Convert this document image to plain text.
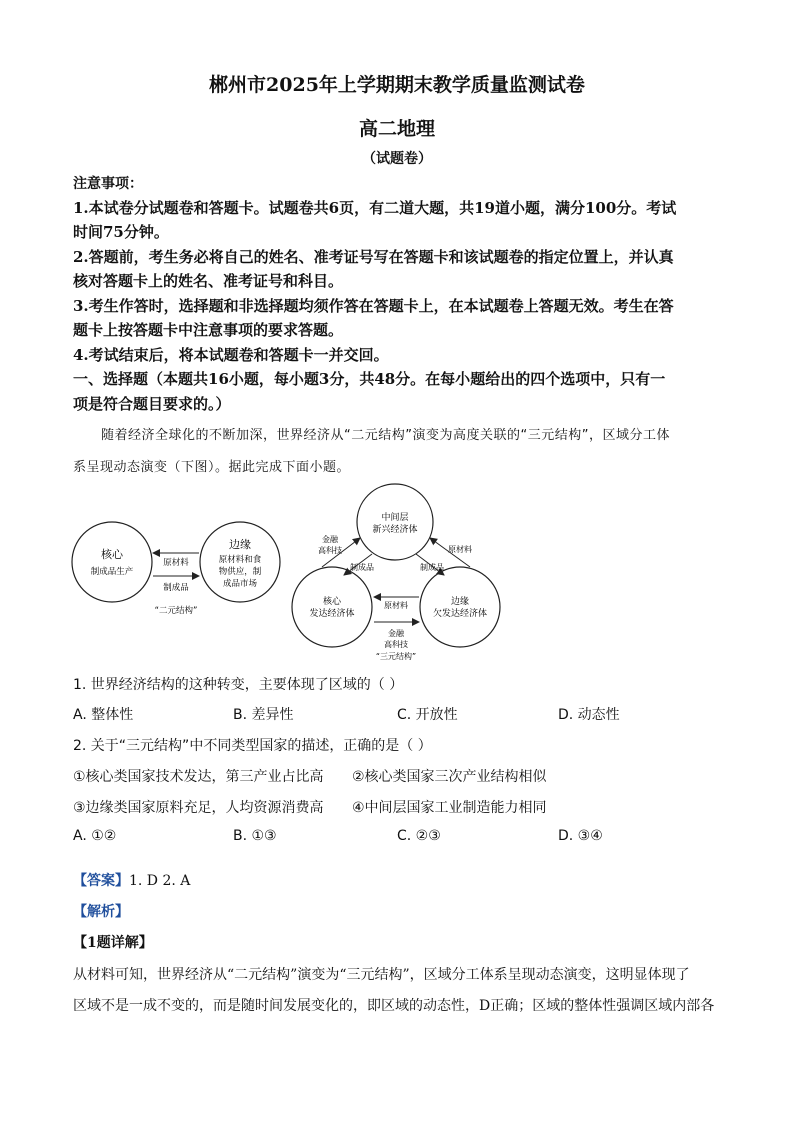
郴州市2025年上学期期末教学质量监测试卷
高二地理
（试题卷）
注意事项：
1.本试卷分试题卷和答题卡。试题卷共6页，有二道大题，共19道小题，满分100分。考试
时间75分钟。
2.答题前，考生务必将自己的姓名、准考证号写在答题卡和该试题卷的指定位置上，并认真
核对答题卡上的姓名、准考证号和科目。
3.考生作答时，选择题和非选择题均须作答在答题卡上，在本试题卷上答题无效。考生在答
题卡上按答题卡中注意事项的要求答题。
4.考试结束后，将本试题卷和答题卡一并交回。
一、选择题（本题共16小题，每小题3分，共48分。在每小题给出的四个选项中，只有一
项是符合题目要求的。）
随着经济全球化的不断加深，世界经济从“二元结构”演变为高度关联的“三元结构”，区域分工体
系呈现动态演变（下图）。据此完成下面小题。
核心
制成品生产
边缘
原材料和食
物供应，制
成品市场
原材料
制成品
“二元结构”
中间层
新兴经济体
核心
发达经济体
边缘
欠发达经济体
金融
高科技
制成品
原材料
制成品
原材料
金融
高科技
“三元结构”
1. 世界经济结构的这种转变，主要体现了区域的（ ）
A. 整体性	B. 差异性	C. 开放性	D. 动态性
2. 关于“三元结构”中不同类型国家的描述，正确的是（ ）
①核心类国家技术发达，第三产业占比高 ②核心类国家三次产业结构相似
③边缘类国家原料充足，人均资源消费高 ④中间层国家工业制造能力相同
A. ①②	B. ①③	C. ②③	D. ③④
【答案】1. D 2. A
【解析】
【1题详解】
从材料可知，世界经济从“二元结构”演变为“三元结构”，区域分工体系呈现动态演变，这明显体现了
区域不是一成不变的，而是随时间发展变化的，即区域的动态性，D正确；区域的整体性强调区域内部各
